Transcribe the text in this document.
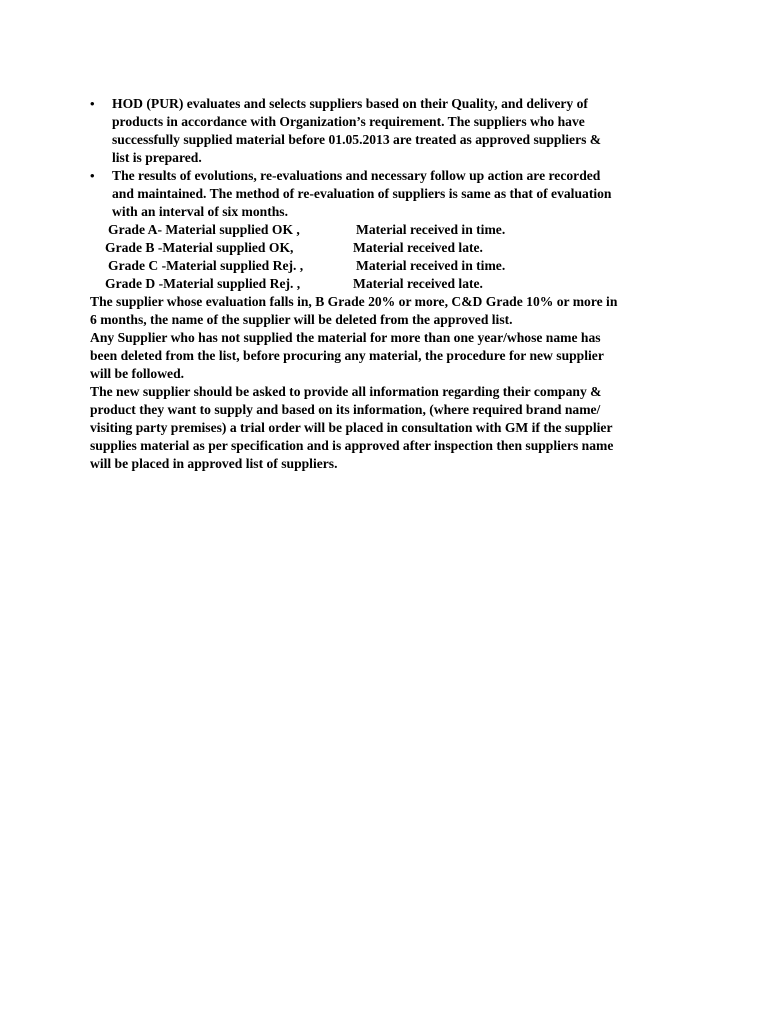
• HOD (PUR) evaluates and selects suppliers based on their Quality, and delivery of
products in accordance with Organization’s requirement. The suppliers who have
successfully supplied material before 01.05.2013 are treated as approved suppliers &
list is prepared.
• The results of evolutions, re-evaluations and necessary follow up action are recorded
and maintained. The method of re-evaluation of suppliers is same as that of evaluation
with an interval of six months.
Grade A- Material supplied OK ,	Material received in time.
Grade B -Material supplied OK,	Material received late.
Grade C -Material supplied Rej. ,	Material received in time.
Grade D -Material supplied Rej. ,	Material received late.
The supplier whose evaluation falls in, B Grade 20% or more, C&D Grade 10% or more in
6 months, the name of the supplier will be deleted from the approved list.
Any Supplier who has not supplied the material for more than one year/whose name has
been deleted from the list, before procuring any material, the procedure for new supplier
will be followed.
The new supplier should be asked to provide all information regarding their company &
product they want to supply and based on its information, (where required brand name/
visiting party premises) a trial order will be placed in consultation with GM if the supplier
supplies material as per specification and is approved after inspection then suppliers name
will be placed in approved list of suppliers.
